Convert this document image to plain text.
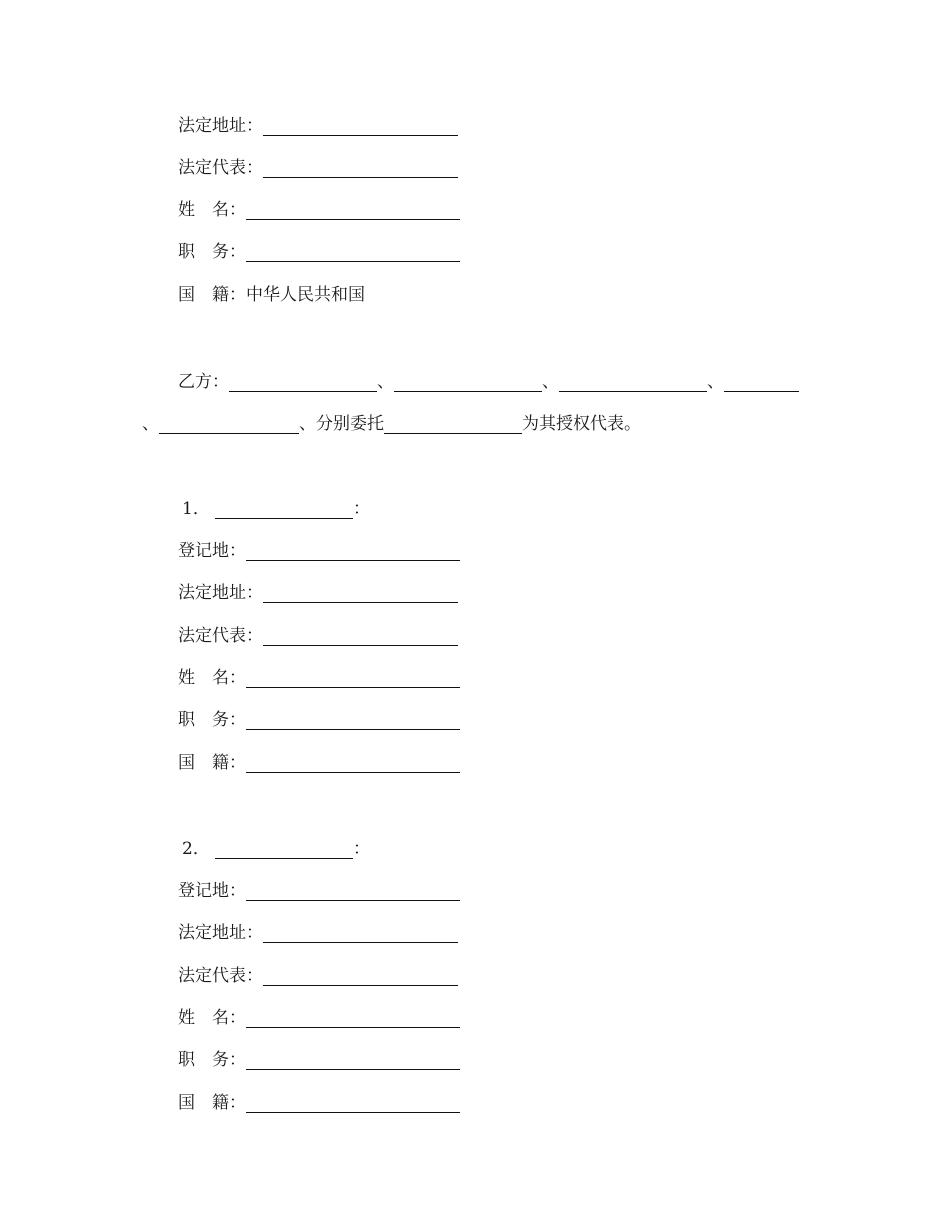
法定地址：
法定代表：
姓　名：
职　务：
国　籍： 中华人民共和国
乙方：	、	、	、
、	、分别委托	为其授权代表。
1．	：
登记地：
法定地址：
法定代表：
姓　名：
职　务：
国　籍：
2．	：
登记地：
法定地址：
法定代表：
姓　名：
职　务：
国　籍：
